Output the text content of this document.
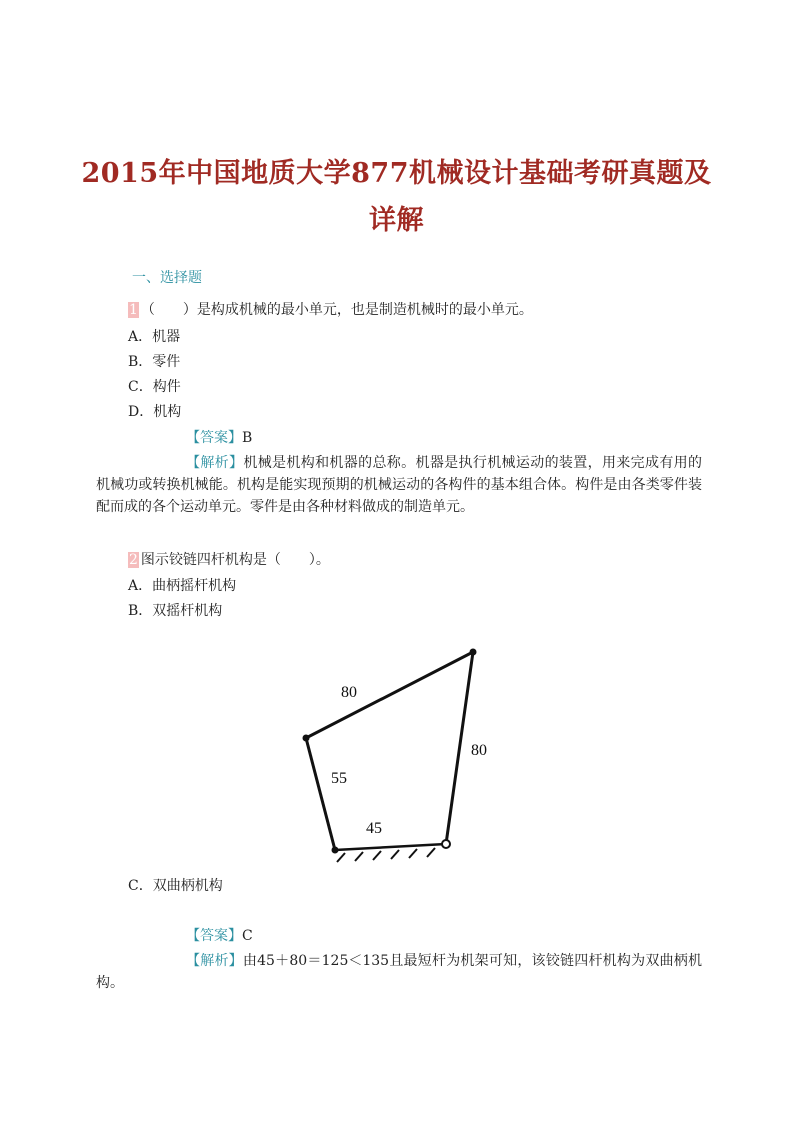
2015年中国地质大学877机械设计基础考研真题及
详解
一、选择题
1 （　　）是构成机械的最小单元，也是制造机械时的最小单元。
A．机器
B．零件
C．构件
D．机构
【答案】B
【解析】机械是机构和机器的总称。机器是执行机械运动的装置，用来完成有用的机械功或转换机械能。机构是能实现预期的机械运动的各构件的基本组合体。构件是由各类零件装配而成的各个运动单元。零件是由各种材料做成的制造单元。
2 图示铰链四杆机构是（　　）。
A．曲柄摇杆机构
B．双摇杆机构
80
80
55
45
C．双曲柄机构
【答案】C
【解析】由45＋80＝125＜135且最短杆为机架可知，该铰链四杆机构为双曲柄机构。
